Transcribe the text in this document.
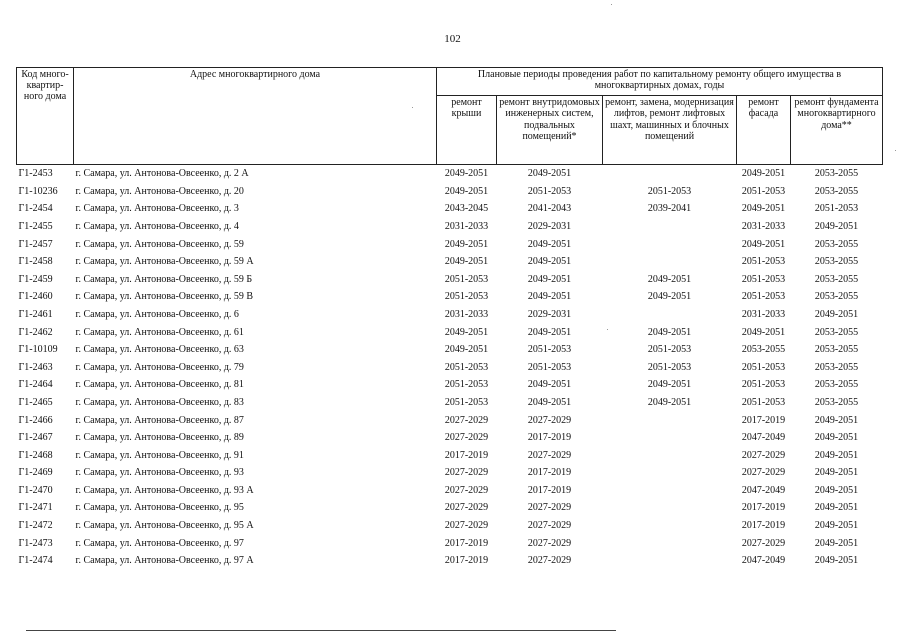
102
Код много-квартир-ного дома	Адрес многоквартирного дома	Плановые периоды проведения работ по капитальному ремонту общего имущества в многоквартирных домах, годы				
		ремонт крыши	ремонт внутридомовых инженерных систем, подвальных помещений*	ремонт, замена, модернизация лифтов, ремонт лифтовых шахт, машинных и блочных помещений	ремонт фасада	ремонт фундамента многоквартирного дома**
Г1-2453	г. Самара, ул. Антонова-Овсеенко, д. 2 А	2049-2051	2049-2051		2049-2051	2053-2055
Г1-10236	г. Самара, ул. Антонова-Овсеенко, д. 20	2049-2051	2051-2053	2051-2053	2051-2053	2053-2055
Г1-2454	г. Самара, ул. Антонова-Овсеенко, д. 3	2043-2045	2041-2043	2039-2041	2049-2051	2051-2053
Г1-2455	г. Самара, ул. Антонова-Овсеенко, д. 4	2031-2033	2029-2031		2031-2033	2049-2051
Г1-2457	г. Самара, ул. Антонова-Овсеенко, д. 59	2049-2051	2049-2051		2049-2051	2053-2055
Г1-2458	г. Самара, ул. Антонова-Овсеенко, д. 59 А	2049-2051	2049-2051		2051-2053	2053-2055
Г1-2459	г. Самара, ул. Антонова-Овсеенко, д. 59 Б	2051-2053	2049-2051	2049-2051	2051-2053	2053-2055
Г1-2460	г. Самара, ул. Антонова-Овсеенко, д. 59 В	2051-2053	2049-2051	2049-2051	2051-2053	2053-2055
Г1-2461	г. Самара, ул. Антонова-Овсеенко, д. 6	2031-2033	2029-2031		2031-2033	2049-2051
Г1-2462	г. Самара, ул. Антонова-Овсеенко, д. 61	2049-2051	2049-2051	2049-2051	2049-2051	2053-2055
Г1-10109	г. Самара, ул. Антонова-Овсеенко, д. 63	2049-2051	2051-2053	2051-2053	2053-2055	2053-2055
Г1-2463	г. Самара, ул. Антонова-Овсеенко, д. 79	2051-2053	2051-2053	2051-2053	2051-2053	2053-2055
Г1-2464	г. Самара, ул. Антонова-Овсеенко, д. 81	2051-2053	2049-2051	2049-2051	2051-2053	2053-2055
Г1-2465	г. Самара, ул. Антонова-Овсеенко, д. 83	2051-2053	2049-2051	2049-2051	2051-2053	2053-2055
Г1-2466	г. Самара, ул. Антонова-Овсеенко, д. 87	2027-2029	2027-2029		2017-2019	2049-2051
Г1-2467	г. Самара, ул. Антонова-Овсеенко, д. 89	2027-2029	2017-2019		2047-2049	2049-2051
Г1-2468	г. Самара, ул. Антонова-Овсеенко, д. 91	2017-2019	2027-2029		2027-2029	2049-2051
Г1-2469	г. Самара, ул. Антонова-Овсеенко, д. 93	2027-2029	2017-2019		2027-2029	2049-2051
Г1-2470	г. Самара, ул. Антонова-Овсеенко, д. 93 А	2027-2029	2017-2019		2047-2049	2049-2051
Г1-2471	г. Самара, ул. Антонова-Овсеенко, д. 95	2027-2029	2027-2029		2017-2019	2049-2051
Г1-2472	г. Самара, ул. Антонова-Овсеенко, д. 95 А	2027-2029	2027-2029		2017-2019	2049-2051
Г1-2473	г. Самара, ул. Антонова-Овсеенко, д. 97	2017-2019	2027-2029		2027-2029	2049-2051
Г1-2474	г. Самара, ул. Антонова-Овсеенко, д. 97 А	2017-2019	2027-2029		2047-2049	2049-2051
